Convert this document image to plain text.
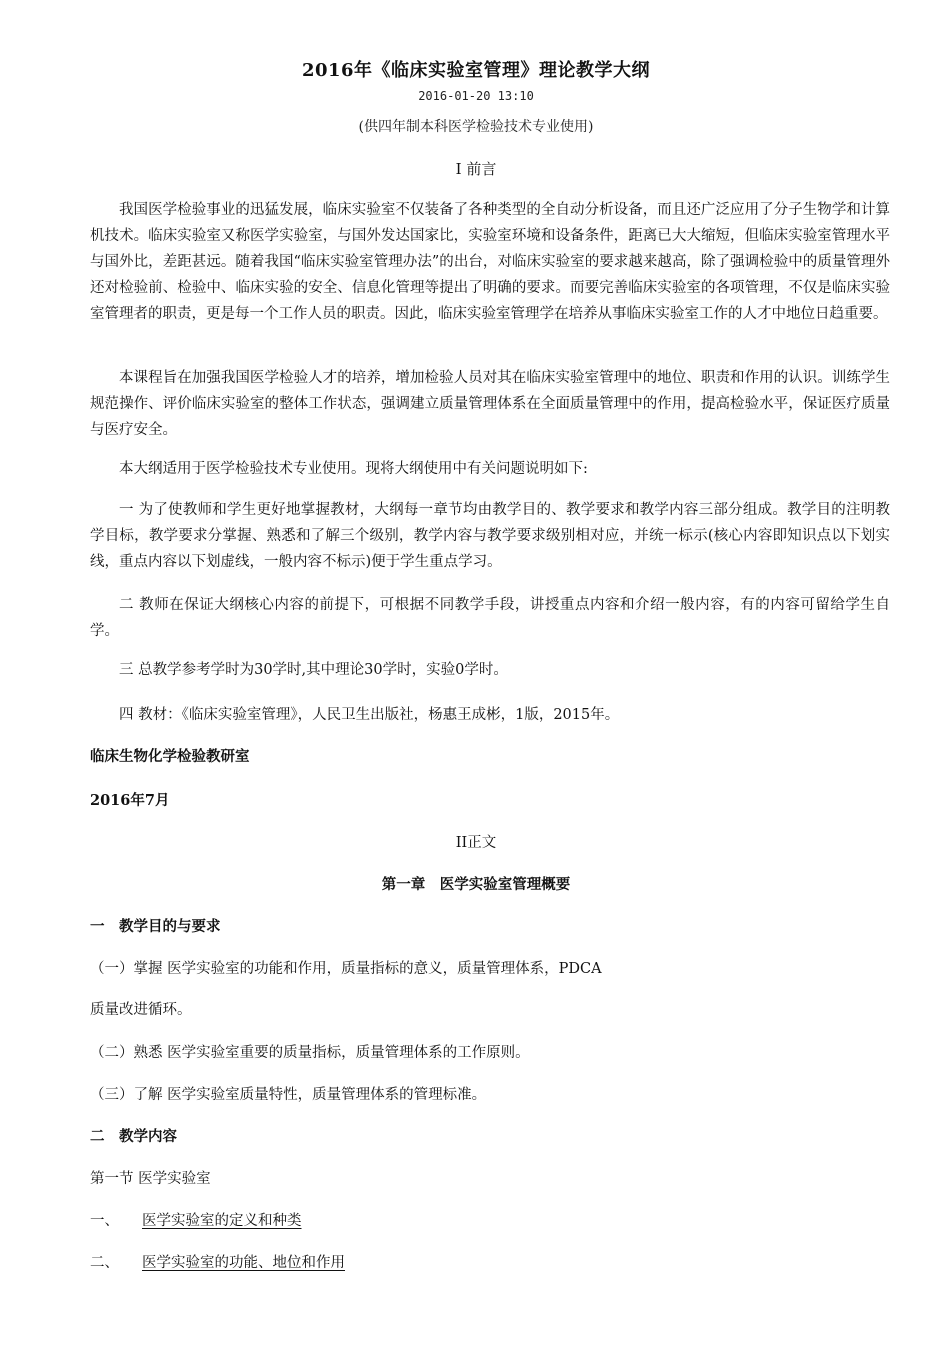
2016年《临床实验室管理》理论教学大纲
2016-01-20 13:10
(供四年制本科医学检验技术专业使用)
Ⅰ 前言

我国医学检验事业的迅猛发展，临床实验室不仅装备了各种类型的全自动分析设备，而且还广泛应用了分子生物学和计算机技术。临床实验室又称医学实验室，与国外发达国家比，实验室环境和设备条件，距离已大大缩短，但临床实验室管理水平与国外比，差距甚远。随着我国“临床实验室管理办法”的出台，对临床实验室的要求越来越高，除了强调检验中的质量管理外还对检验前、检验中、临床实验的安全、信息化管理等提出了明确的要求。而要完善临床实验室的各项管理，不仅是临床实验室管理者的职责，更是每一个工作人员的职责。因此，临床实验室管理学在培养从事临床实验室工作的人才中地位日趋重要。

本课程旨在加强我国医学检验人才的培养，增加检验人员对其在临床实验室管理中的地位、职责和作用的认识。训练学生规范操作、评价临床实验室的整体工作状态，强调建立质量管理体系在全面质量管理中的作用，提高检验水平，保证医疗质量与医疗安全。

本大纲适用于医学检验技术专业使用。现将大纲使用中有关问题说明如下:

一 为了使教师和学生更好地掌握教材，大纲每一章节均由教学目的、教学要求和教学内容三部分组成。教学目的注明教学目标，教学要求分掌握、熟悉和了解三个级别，教学内容与教学要求级别相对应，并统一标示(核心内容即知识点以下划实线，重点内容以下划虚线，一般内容不标示)便于学生重点学习。

二 教师在保证大纲核心内容的前提下，可根据不同教学手段，讲授重点内容和介绍一般内容，有的内容可留给学生自学。

三 总教学参考学时为30学时,其中理论30学时，实验0学时。

四 教材：《临床实验室管理》，人民卫生出版社，杨惠王成彬，1版，2015年。

临床生物化学检验教研室
2016年7月
II正文
第一章　医学实验室管理概要
一　教学目的与要求
（一）掌握 医学实验室的功能和作用，质量指标的意义，质量管理体系，PDCA
质量改进循环。
（二）熟悉 医学实验室重要的质量指标，质量管理体系的工作原则。
（三）了解 医学实验室质量特性，质量管理体系的管理标准。
二　教学内容
第一节 医学实验室
一、 医学实验室的定义和种类
二、 医学实验室的功能、地位和作用
